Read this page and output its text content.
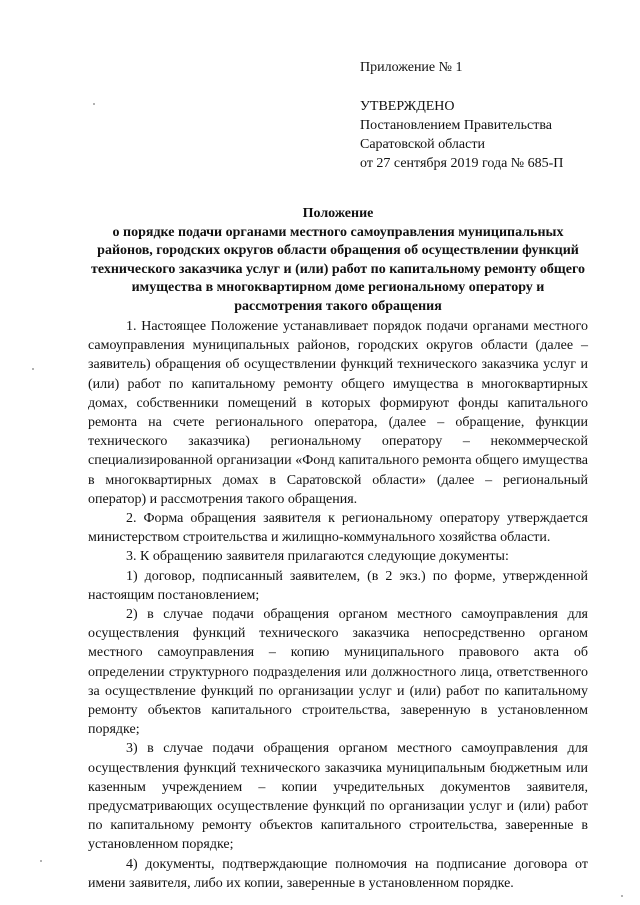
Приложение № 1
УТВЕРЖДЕНО
Постановлением Правительства
Саратовской области
от 27 сентября 2019 года № 685-П
Положение
о порядке подачи органами местного самоуправления муниципальных районов, городских округов области обращения об осуществлении функций технического заказчика услуг и (или) работ по капитальному ремонту общего имущества в многоквартирном доме региональному оператору и рассмотрения такого обращения

1. Настоящее Положение устанавливает порядок подачи органами местного самоуправления муниципальных районов, городских округов области (далее – заявитель) обращения об осуществлении функций технического заказчика услуг и (или) работ по капитальному ремонту общего имущества в многоквартирных домах, собственники помещений в которых формируют фонды капитального ремонта на счете регионального оператора, (далее – обращение, функции технического заказчика) региональному оператору – некоммерческой специализированной организации «Фонд капитального ремонта общего имущества в многоквартирных домах в Саратовской области» (далее – региональный оператор) и рассмотрения такого обращения.

2. Форма обращения заявителя к региональному оператору утверждается министерством строительства и жилищно-коммунального хозяйства области.

3. К обращению заявителя прилагаются следующие документы:

1) договор, подписанный заявителем, (в 2 экз.) по форме, утвержденной настоящим постановлением;

2) в случае подачи обращения органом местного самоуправления для осуществления функций технического заказчика непосредственно органом местного самоуправления – копию муниципального правового акта об определении структурного подразделения или должностного лица, ответственного за осуществление функций по организации услуг и (или) работ по капитальному ремонту объектов капитального строительства, заверенную в установленном порядке;

3) в случае подачи обращения органом местного самоуправления для осуществления функций технического заказчика муниципальным бюджетным или казенным учреждением – копии учредительных документов заявителя, предусматривающих осуществление функций по организации услуг и (или) работ по капитальному ремонту объектов капитального строительства, заверенные в установленном порядке;

4) документы, подтверждающие полномочия на подписание договора от имени заявителя, либо их копии, заверенные в установленном порядке.
